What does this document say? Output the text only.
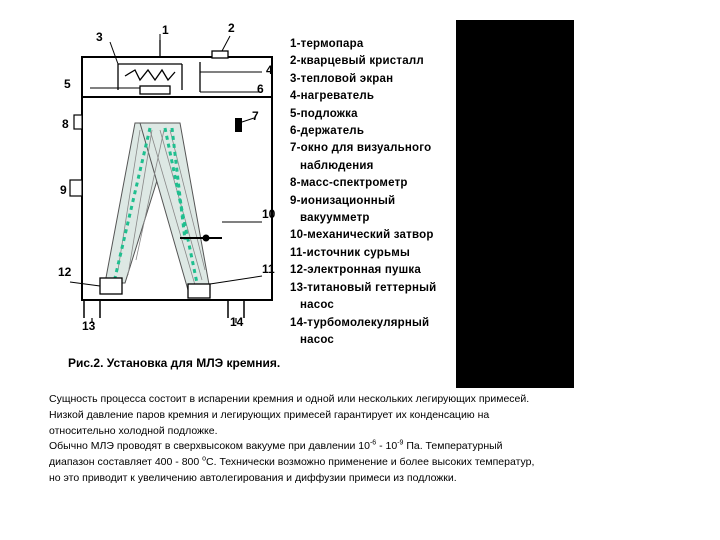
1	2
3
4
5	6
7
8
9
10
11
12
13	14
1-термопара
2-кварцевый кристалл
3-тепловой экран
4-нагреватель
5-подложка
6-держатель
7-окно для визуального
наблюдения
8-масс-спектрометр
9-ионизационный
вакуумметр
10-механический затвор
11-источник сурьмы
12-электронная пушка
13-титановый геттерный
насос
14-турбомолекулярный
насос
Рис.2. Установка для МЛЭ кремния.

Сущность процесса состоит в испарении кремния и одной или нескольких легирующих примесей.

Низкой давление паров кремния и легирующих примесей гарантирует их конденсацию на

относительно холодной подложке.

Обычно МЛЭ проводят в сверхвысоком вакууме при давлении $10^{-6} - 10^{-9}$ Па. Температурный

диапазон составляет 400 - 800 $^о$С. Технически возможно применение и более высоких температур,

но это приводит к увеличению автолегирования и диффузии примеси из подложки.
